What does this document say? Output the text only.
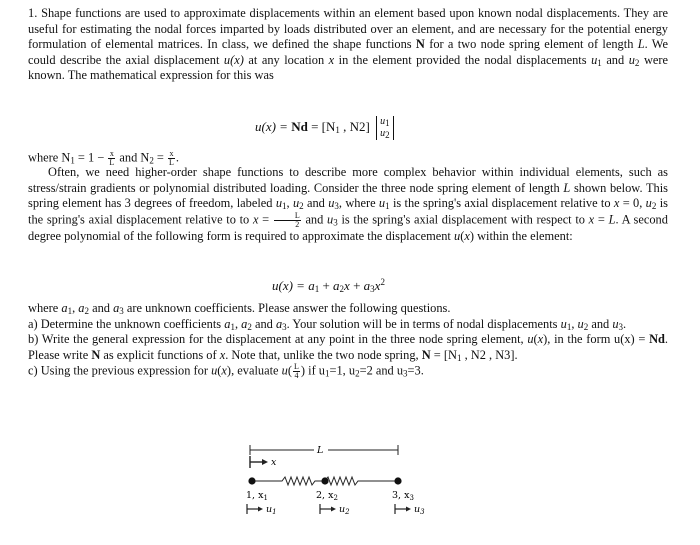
1. Shape functions are used to approximate displacements within an element based upon known nodal displacements. They are useful for estimating the nodal forces imparted by loads distributed over an element, and are necessary for the potential energy formulation of elemental matrices. In class, we defined the shape functions N for a two node spring element of length L. We could describe the axial displacement u(x) at any location x in the element provided the nodal displacements $u_1$ and $u_2$ were known. The mathematical expression for this was

$u(x) = Nd = [N_1$ , N2] $u_1$
$u_2$

where $N_1 = 1 - \frac{x}{L}$ and $N_2 = \frac{x}{L}$ .

Often, we need higher-order shape functions to describe more complex behavior within individual elements, such as stress/strain gradients or polynomial distributed loading. Consider the three node spring element of length L shown below. This spring element has 3 degrees of freedom, labeled $u_1$, $u_2$ and $u_3$, where $u_1$ is the spring's axial displacement relative to x = 0, $u_2$ is the spring's axial displacement relative to to $x = \frac{L}{2}$ and $u_3$ is the spring's axial displacement with respect to x = L. A second degree polynomial of the following form is required to approximate the displacement u(x) within the element:

$u(x) = a_1 + a_2x + a_3x^2$

where $a_1$, $a_2$ and $a_3$ are unknown coefficients. Please answer the following questions.
a) Determine the unknown coefficients $a_1$, $a_2$ and $a_3$. Your solution will be in terms of nodal displacements $u_1$, $u_2$ and $u_3$.
b) Write the general expression for the displacement at any point in the three node spring element, u(x), in the form u(x) = Nd. Please write N as explicit functions of x. Note that, unlike the two node spring, $N = [N_1$ , N2 , N3].
c) Using the previous expression for u(x), evaluate $u( \frac{L}{4}$ ) if $u_1=1$, $u_2=2$ and $u_3=3$.

L
x
1, $x_1$	2, $x_2$	3, $x_3$
$u_1$	$u_2$	$u_3$
